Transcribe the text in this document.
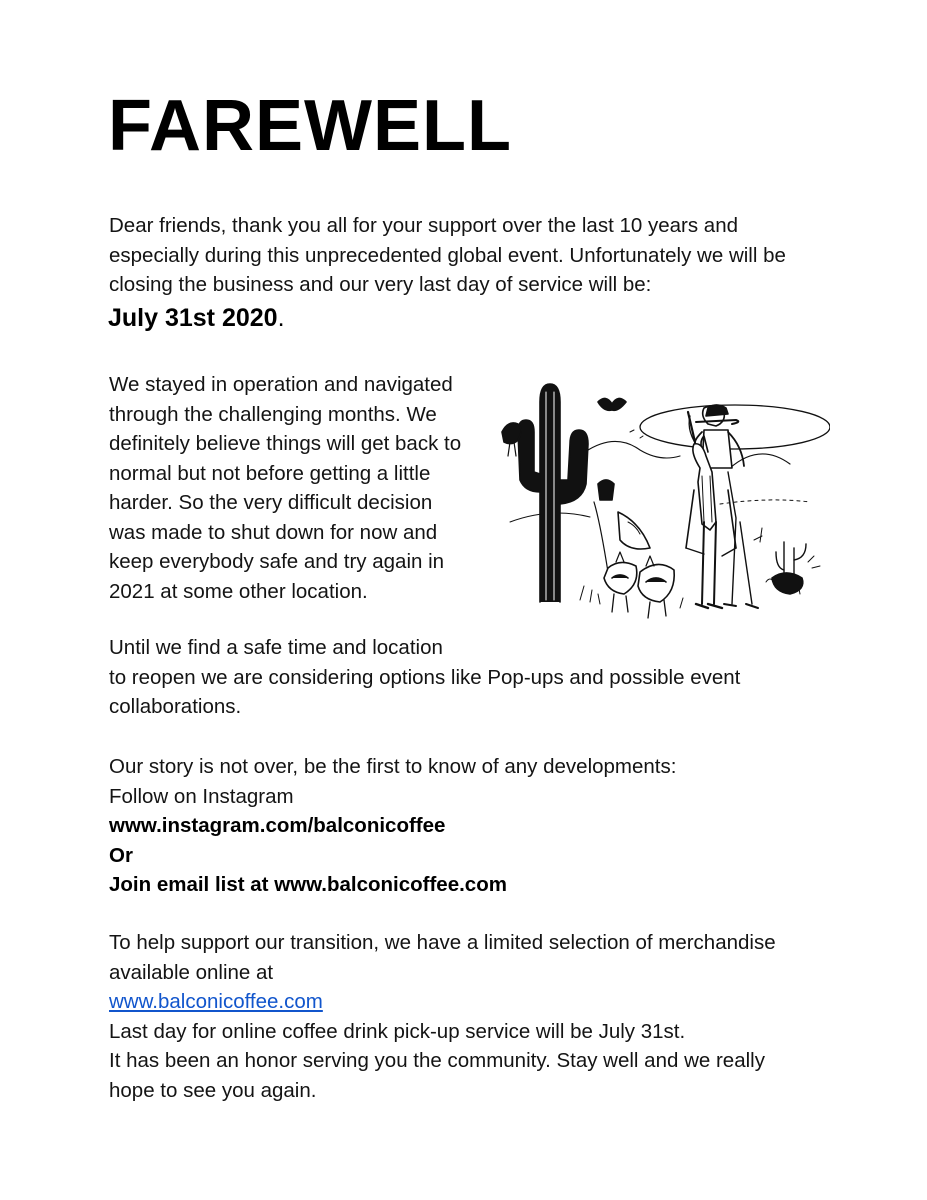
FAREWELL

Dear friends, thank you all for your support over the last 10 years and
especially during this unprecedented global event. Unfortunately we will be
closing the business and our very last day of service will be:

July 31st 2020.

We stayed in operation and navigated
through the challenging months. We
definitely believe things will get back to
normal but not before getting a little
harder. So the very difficult decision
was made to shut down for now and
keep everybody safe and try again in
2021 at some other location.

Until we find a safe time and location
to reopen we are considering options like Pop-ups and possible event
collaborations.

Our story is not over, be the first to know of any developments:
Follow on Instagram
www.instagram.com/balconicoffee
Or
Join email list at www.balconicoffee.com

To help support our transition, we have a limited selection of merchandise
available online at
www.balconicoffee.com
Last day for online coffee drink pick-up service will be July 31st.
It has been an honor serving you the community. Stay well and we really
hope to see you again.
